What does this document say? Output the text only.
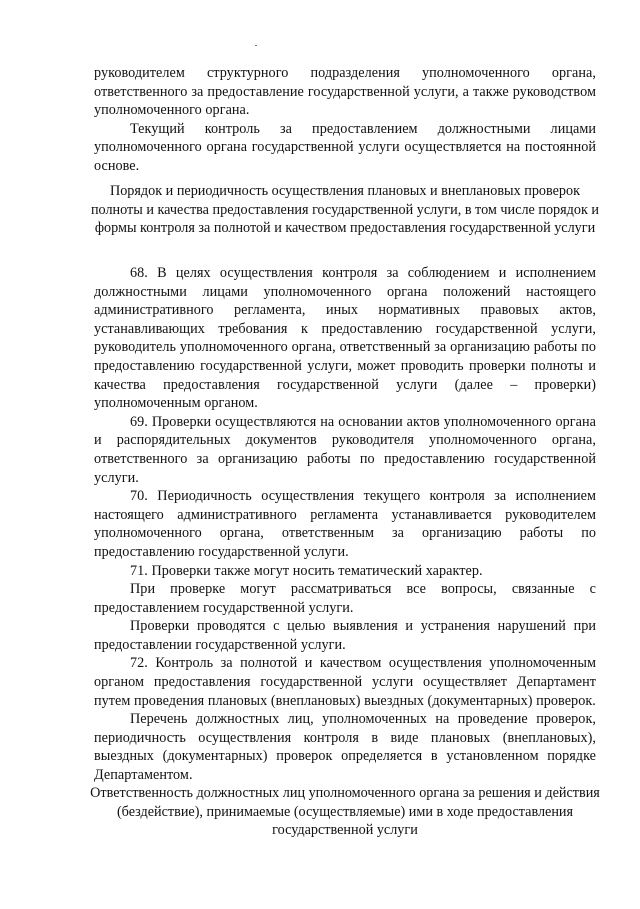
руководителем структурного подразделения уполномоченного органа, ответственного за предоставление государственной услуги, а также руководством уполномоченного органа.

Текущий контроль за предоставлением должностными лицами уполномоченного органа государственной услуги осуществляется на постоянной основе.

Порядок и периодичность осуществления плановых и внеплановых проверок полноты и качества предоставления государственной услуги, в том числе порядок и формы контроля за полнотой и качеством предоставления государственной услуги

68. В целях осуществления контроля за соблюдением и исполнением должностными лицами уполномоченного органа положений настоящего административного регламента, иных нормативных правовых актов, устанавливающих требования к предоставлению государственной услуги, руководитель уполномоченного органа, ответственный за организацию работы по предоставлению государственной услуги, может проводить проверки полноты и качества предоставления государственной услуги (далее – проверки) уполномоченным органом.

69. Проверки осуществляются на основании актов уполномоченного органа и распорядительных документов руководителя уполномоченного органа, ответственного за организацию работы по предоставлению государственной услуги.

70. Периодичность осуществления текущего контроля за исполнением настоящего административного регламента устанавливается руководителем уполномоченного органа, ответственным за организацию работы по предоставлению государственной услуги.

71. Проверки также могут носить тематический характер.

При проверке могут рассматриваться все вопросы, связанные с предоставлением государственной услуги.

Проверки проводятся с целью выявления и устранения нарушений при предоставлении государственной услуги.

72. Контроль за полнотой и качеством осуществления уполномоченным органом предоставления государственной услуги осуществляет Департамент путем проведения плановых (внеплановых) выездных (документарных) проверок.

Перечень должностных лиц, уполномоченных на проведение проверок, периодичность осуществления контроля в виде плановых (внеплановых), выездных (документарных) проверок определяется в установленном порядке Департаментом.

Ответственность должностных лиц уполномоченного органа за решения и действия (бездействие), принимаемые (осуществляемые) ими в ходе предоставления государственной услуги
